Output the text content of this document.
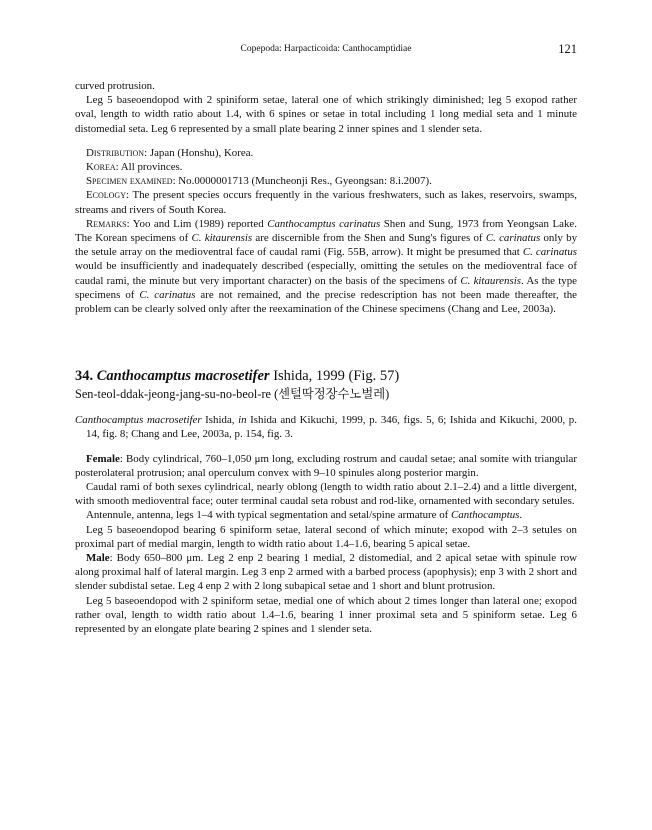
Copepoda: Harpacticoida: Canthocamptidiae	121

curved protrusion.

Leg 5 baseoendopod with 2 spiniform setae, lateral one of which strikingly diminished; leg 5 exopod rather oval, length to width ratio about 1.4, with 6 spines or setae in total including 1 long medial seta and 1 minute distomedial seta. Leg 6 represented by a small plate bearing 2 inner spines and 1 slender seta.

Distribution: Japan (Honshu), Korea.

Korea: All provinces.

Specimen examined: No.0000001713 (Muncheonji Res., Gyeongsan: 8.i.2007).

Ecology: The present species occurs frequently in the various freshwaters, such as lakes, reservoirs, swamps, streams and rivers of South Korea.

Remarks: Yoo and Lim (1989) reported Canthocamptus carinatus Shen and Sung, 1973 from Yeongsan Lake. The Korean specimens of C. kitaurensis are discernible from the Shen and Sung's figures of C. carinatus only by the setule array on the medioventral face of caudal rami (Fig. 55B, arrow). It might be presumed that C. carinatus would be insufficiently and inadequately described (especially, omitting the setules on the medioventral face of caudal rami, the minute but very important character) on the basis of the specimens of C. kitaurensis. As the type specimens of C. carinatus are not remained, and the precise redescription has not been made thereafter, the problem can be clearly solved only after the reexamination of the Chinese specimens (Chang and Lee, 2003a).

34. Canthocamptus macrosetifer Ishida, 1999 (Fig. 57)

Sen-teol-ddak-jeong-jang-su-no-beol-re (센털딱정장수노벌레)

Canthocamptus macrosetifer Ishida, in Ishida and Kikuchi, 1999, p. 346, figs. 5, 6; Ishida and Kikuchi, 2000, p. 14, fig. 8; Chang and Lee, 2003a, p. 154, fig. 3.

Female: Body cylindrical, 760–1,050 μm long, excluding rostrum and caudal setae; anal somite with triangular posterolateral protrusion; anal operculum convex with 9–10 spinules along posterior margin.

Caudal rami of both sexes cylindrical, nearly oblong (length to width ratio about 2.1–2.4) and a little divergent, with smooth medioventral face; outer terminal caudal seta robust and rod-like, ornamented with secondary setules.

Antennule, antenna, legs 1–4 with typical segmentation and setal/spine armature of Canthocamptus.

Leg 5 baseoendopod bearing 6 spiniform setae, lateral second of which minute; exopod with 2–3 setules on proximal part of medial margin, length to width ratio about 1.4–1.6, bearing 5 apical setae.

Male: Body 650–800 μm. Leg 2 enp 2 bearing 1 medial, 2 distomedial, and 2 apical setae with spinule row along proximal half of lateral margin. Leg 3 enp 2 armed with a barbed process (apophysis); enp 3 with 2 short and slender subdistal setae. Leg 4 enp 2 with 2 long subapical setae and 1 short and blunt protrusion.

Leg 5 baseoendopod with 2 spiniform setae, medial one of which about 2 times longer than lateral one; exopod rather oval, length to width ratio about 1.4–1.6, bearing 1 inner proximal seta and 5 spiniform setae. Leg 6 represented by an elongate plate bearing 2 spines and 1 slender seta.
